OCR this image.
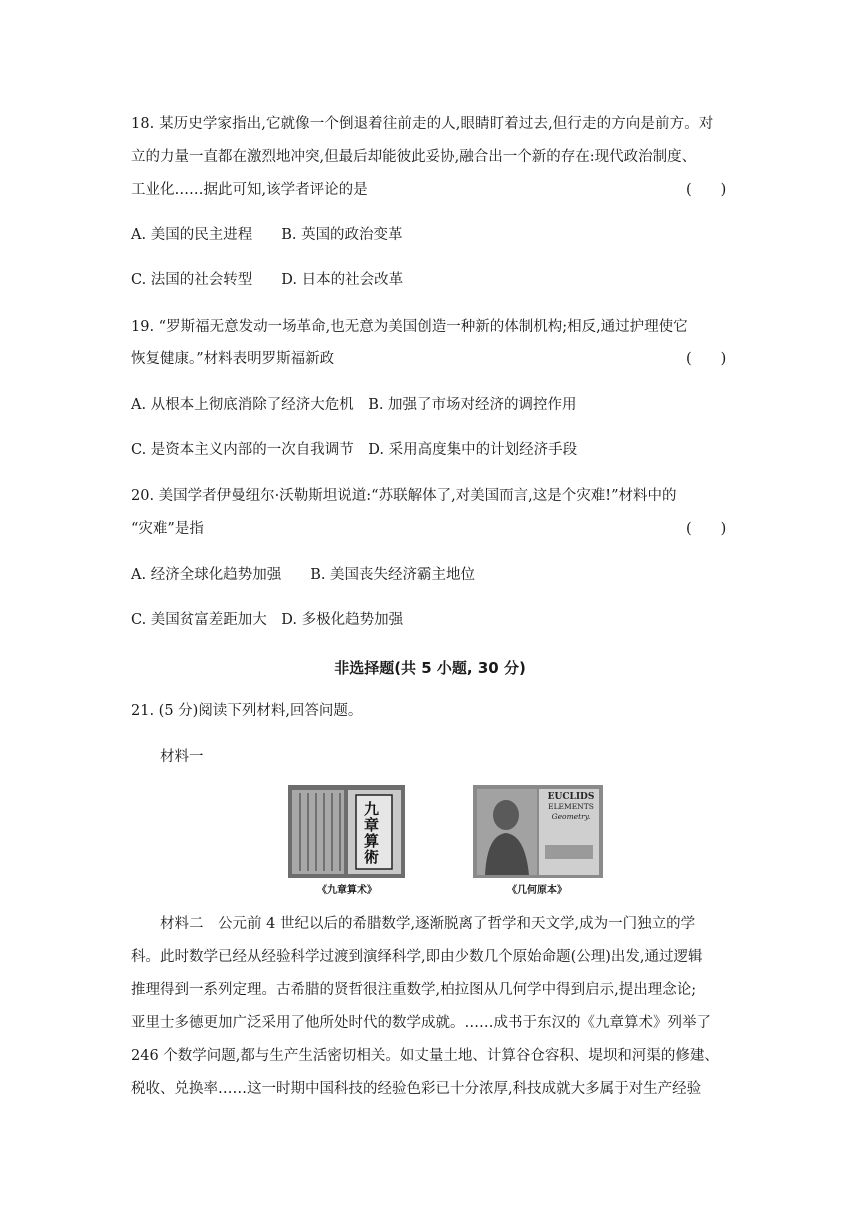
18. 某历史学家指出,它就像一个倒退着往前走的人,眼睛盯着过去,但行走的方向是前方。对
立的力量一直都在激烈地冲突,但最后却能彼此妥协,融合出一个新的存在:现代政治制度、
工业化……据此可知,该学者评论的是	(　　)
A. 美国的民主进程　　B. 英国的政治变革
C. 法国的社会转型　　D. 日本的社会改革
19. “罗斯福无意发动一场革命,也无意为美国创造一种新的体制机构;相反,通过护理使它
恢复健康。”材料表明罗斯福新政	(　　)
A. 从根本上彻底消除了经济大危机　B. 加强了市场对经济的调控作用
C. 是资本主义内部的一次自我调节　D. 采用高度集中的计划经济手段
20. 美国学者伊曼纽尔·沃勒斯坦说道:“苏联解体了,对美国而言,这是个灾难!”材料中的
“灾难”是指	(　　)
A. 经济全球化趋势加强　　B. 美国丧失经济霸主地位
C. 美国贫富差距加大　D. 多极化趋势加强
非选择题(共 5 小题, 30 分)
21. (5 分)阅读下列材料,回答问题。
材料一
九章算術
《九章算术》
EUCLIDS
ELEMENTS
Geometry.
《几何原本》
材料二　公元前 4 世纪以后的希腊数学,逐渐脱离了哲学和天文学,成为一门独立的学
科。此时数学已经从经验科学过渡到演绎科学,即由少数几个原始命题(公理)出发,通过逻辑
推理得到一系列定理。古希腊的贤哲很注重数学,柏拉图从几何学中得到启示,提出理念论;
亚里士多德更加广泛采用了他所处时代的数学成就。……成书于东汉的《九章算术》列举了
246 个数学问题,都与生产生活密切相关。如丈量土地、计算谷仓容积、堤坝和河渠的修建、
税收、兑换率……这一时期中国科技的经验色彩已十分浓厚,科技成就大多属于对生产经验
